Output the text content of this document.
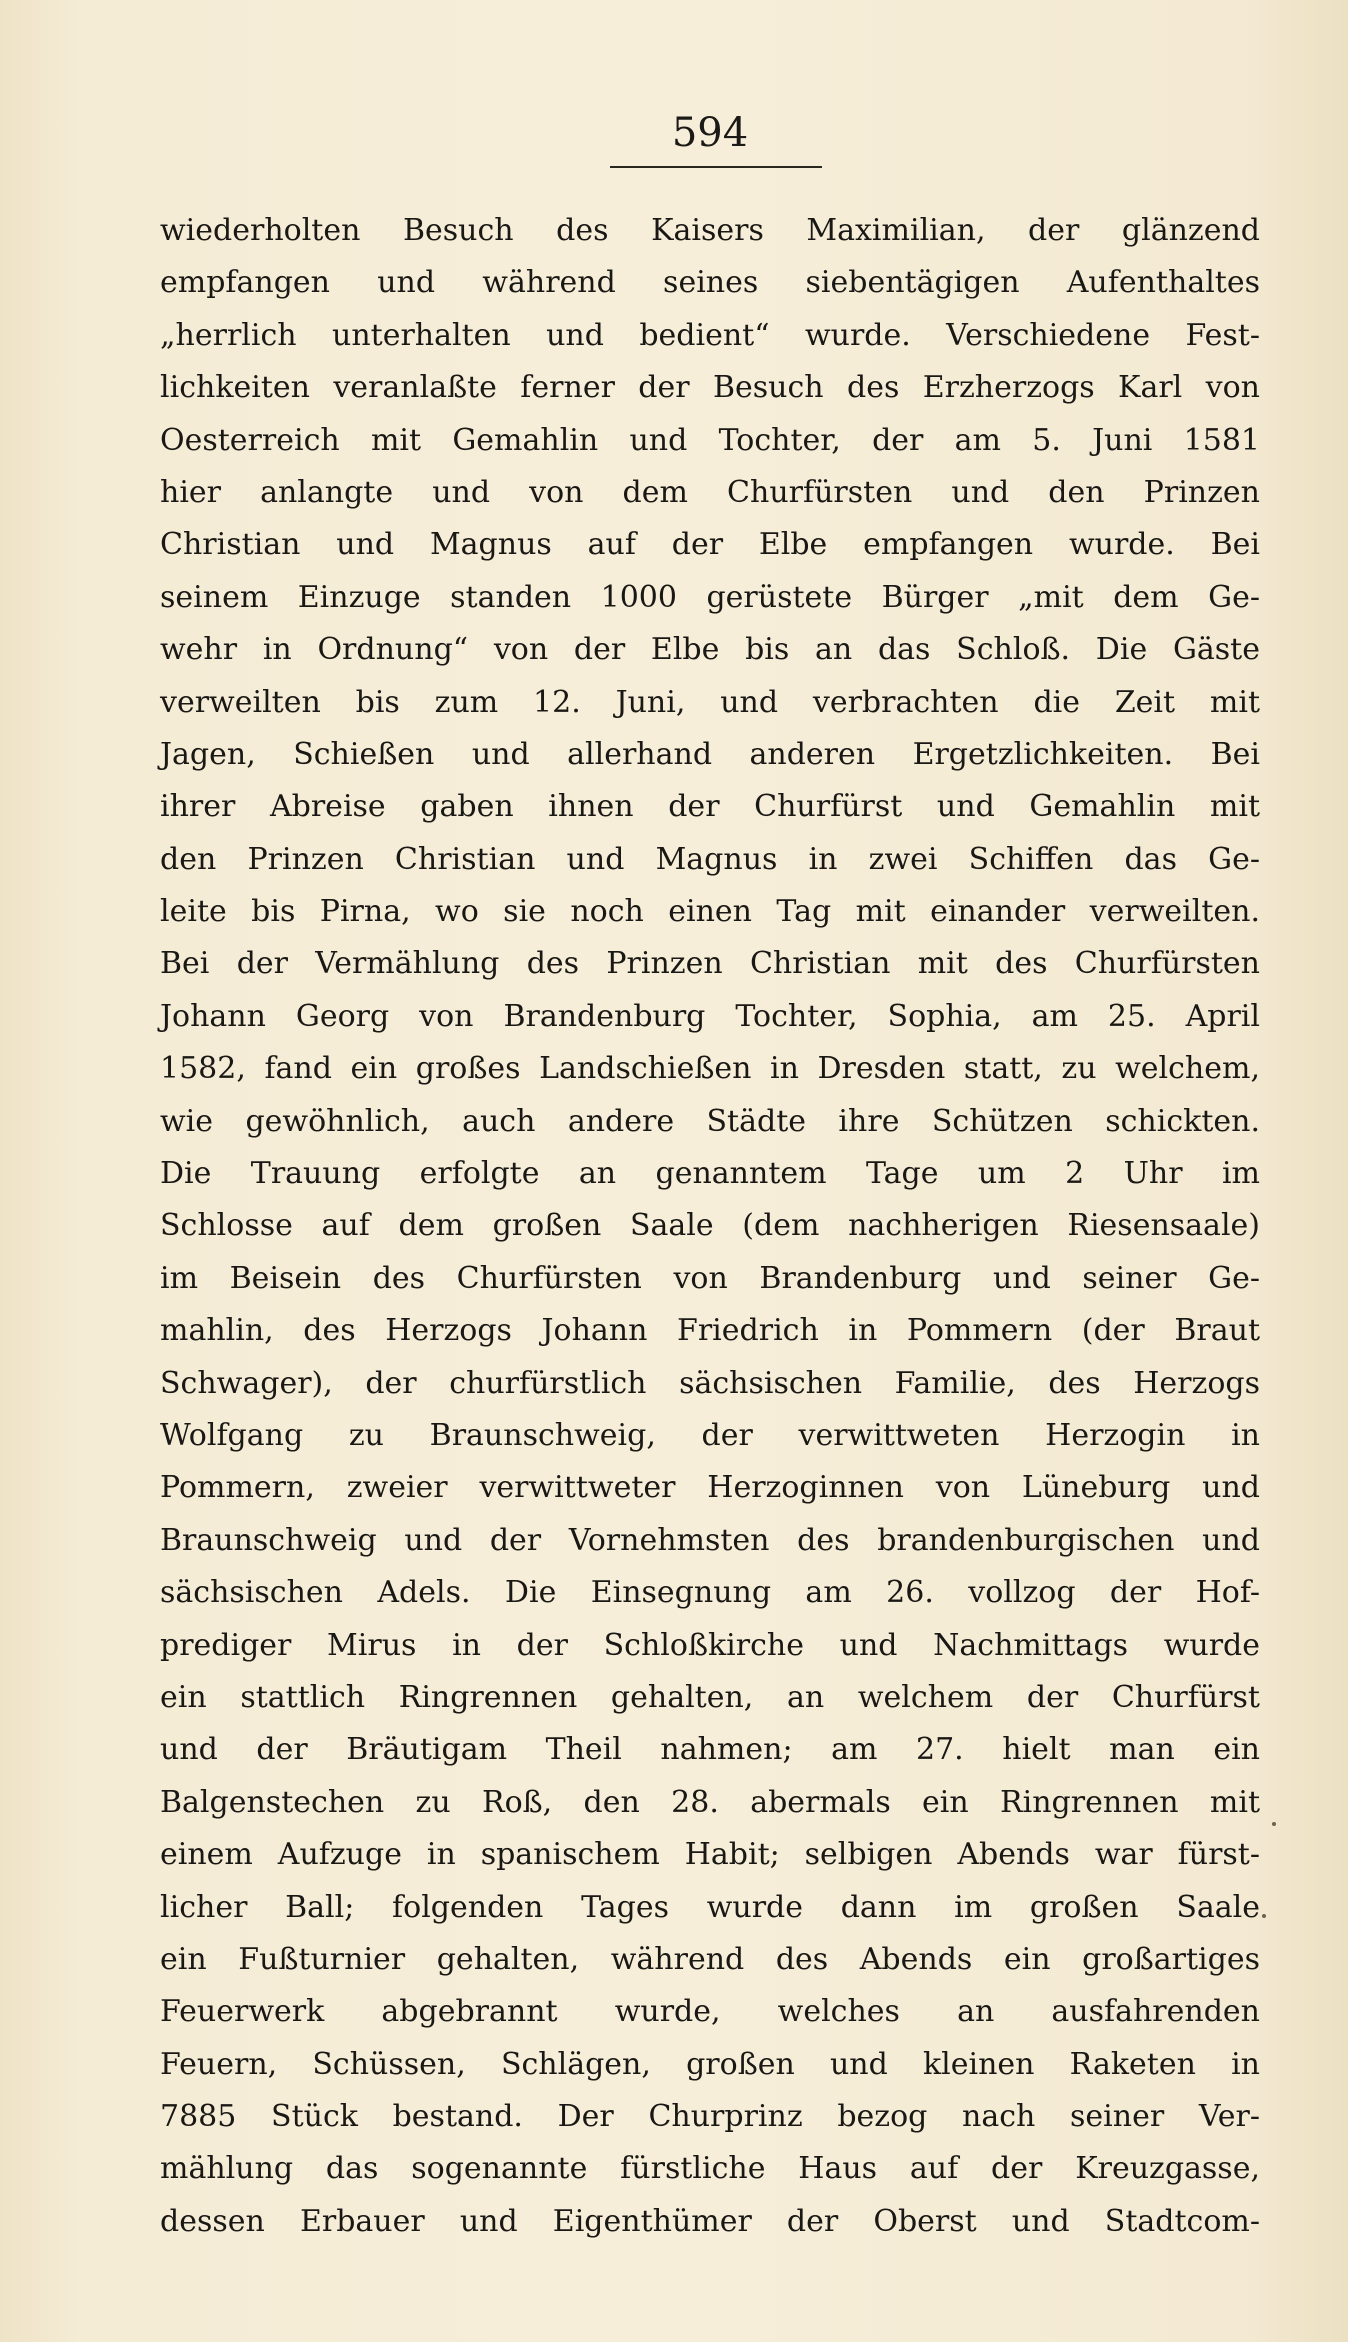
594
wiederholten Besuch des Kaisers Maximilian, der glänzend
empfangen und während seines siebentägigen Aufenthaltes
„herrlich unterhalten und bedient“ wurde. Verschiedene Fest-
lichkeiten veranlaßte ferner der Besuch des Erzherzogs Karl von
Oesterreich mit Gemahlin und Tochter, der am 5. Juni 1581
hier anlangte und von dem Churfürsten und den Prinzen
Christian und Magnus auf der Elbe empfangen wurde. Bei
seinem Einzuge standen 1000 gerüstete Bürger „mit dem Ge-
wehr in Ordnung“ von der Elbe bis an das Schloß. Die Gäste
verweilten bis zum 12. Juni, und verbrachten die Zeit mit
Jagen, Schießen und allerhand anderen Ergetzlichkeiten. Bei
ihrer Abreise gaben ihnen der Churfürst und Gemahlin mit
den Prinzen Christian und Magnus in zwei Schiffen das Ge-
leite bis Pirna, wo sie noch einen Tag mit einander verweilten.
Bei der Vermählung des Prinzen Christian mit des Churfürsten
Johann Georg von Brandenburg Tochter, Sophia, am 25. April
1582, fand ein großes Landschießen in Dresden statt, zu welchem,
wie gewöhnlich, auch andere Städte ihre Schützen schickten.
Die Trauung erfolgte an genanntem Tage um 2 Uhr im
Schlosse auf dem großen Saale (dem nachherigen Riesensaale)
im Beisein des Churfürsten von Brandenburg und seiner Ge-
mahlin, des Herzogs Johann Friedrich in Pommern (der Braut
Schwager), der churfürstlich sächsischen Familie, des Herzogs
Wolfgang zu Braunschweig, der verwittweten Herzogin in
Pommern, zweier verwittweter Herzoginnen von Lüneburg und
Braunschweig und der Vornehmsten des brandenburgischen und
sächsischen Adels. Die Einsegnung am 26. vollzog der Hof-
prediger Mirus in der Schloßkirche und Nachmittags wurde
ein stattlich Ringrennen gehalten, an welchem der Churfürst
und der Bräutigam Theil nahmen; am 27. hielt man ein
Balgenstechen zu Roß, den 28. abermals ein Ringrennen mit
einem Aufzuge in spanischem Habit; selbigen Abends war fürst-
licher Ball; folgenden Tages wurde dann im großen Saale
ein Fußturnier gehalten, während des Abends ein großartiges
Feuerwerk abgebrannt wurde, welches an ausfahrenden
Feuern, Schüssen, Schlägen, großen und kleinen Raketen in
7885 Stück bestand. Der Churprinz bezog nach seiner Ver-
mählung das sogenannte fürstliche Haus auf der Kreuzgasse,
dessen Erbauer und Eigenthümer der Oberst und Stadtcom-
